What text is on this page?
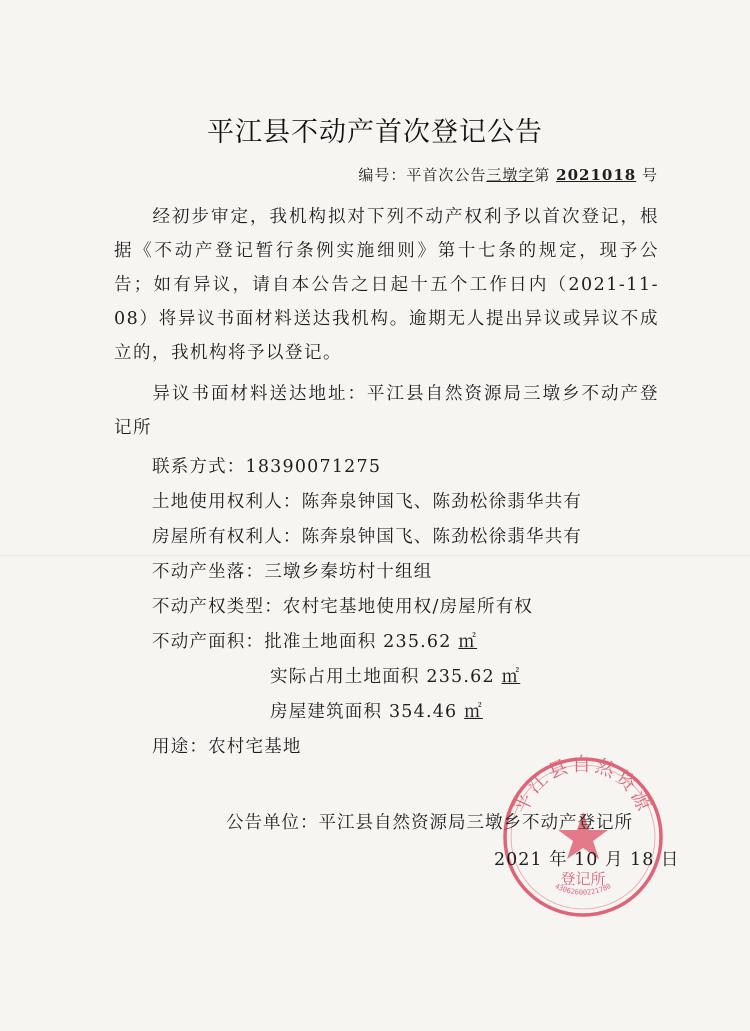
平江县不动产首次登记公告
编号：平首次公告三墩字第 2021018 号

经初步审定，我机构拟对下列不动产权利予以首次登记，根据《不动产登记暂行条例实施细则》第十七条的规定，现予公告；如有异议，请自本公告之日起十五个工作日内（2021-11-08）将异议书面材料送达我机构。逾期无人提出异议或异议不成立的，我机构将予以登记。

异议书面材料送达地址：平江县自然资源局三墩乡不动产登记所

联系方式：18390071275
土地使用权利人：陈奔泉钟国飞、陈劲松徐翡华共有
房屋所有权利人：陈奔泉钟国飞、陈劲松徐翡华共有
不动产坐落：三墩乡秦坊村十组组
不动产权类型：农村宅基地使用权/房屋所有权
不动产面积：批准土地面积 235.62 ㎡
实际占用土地面积 235.62 ㎡
房屋建筑面积 354.46 ㎡
用途：农村宅基地
平江县自然资源
登记所
43062600221780
公告单位：平江县自然资源局三墩乡不动产登记所
2021 年 10 月 18 日
